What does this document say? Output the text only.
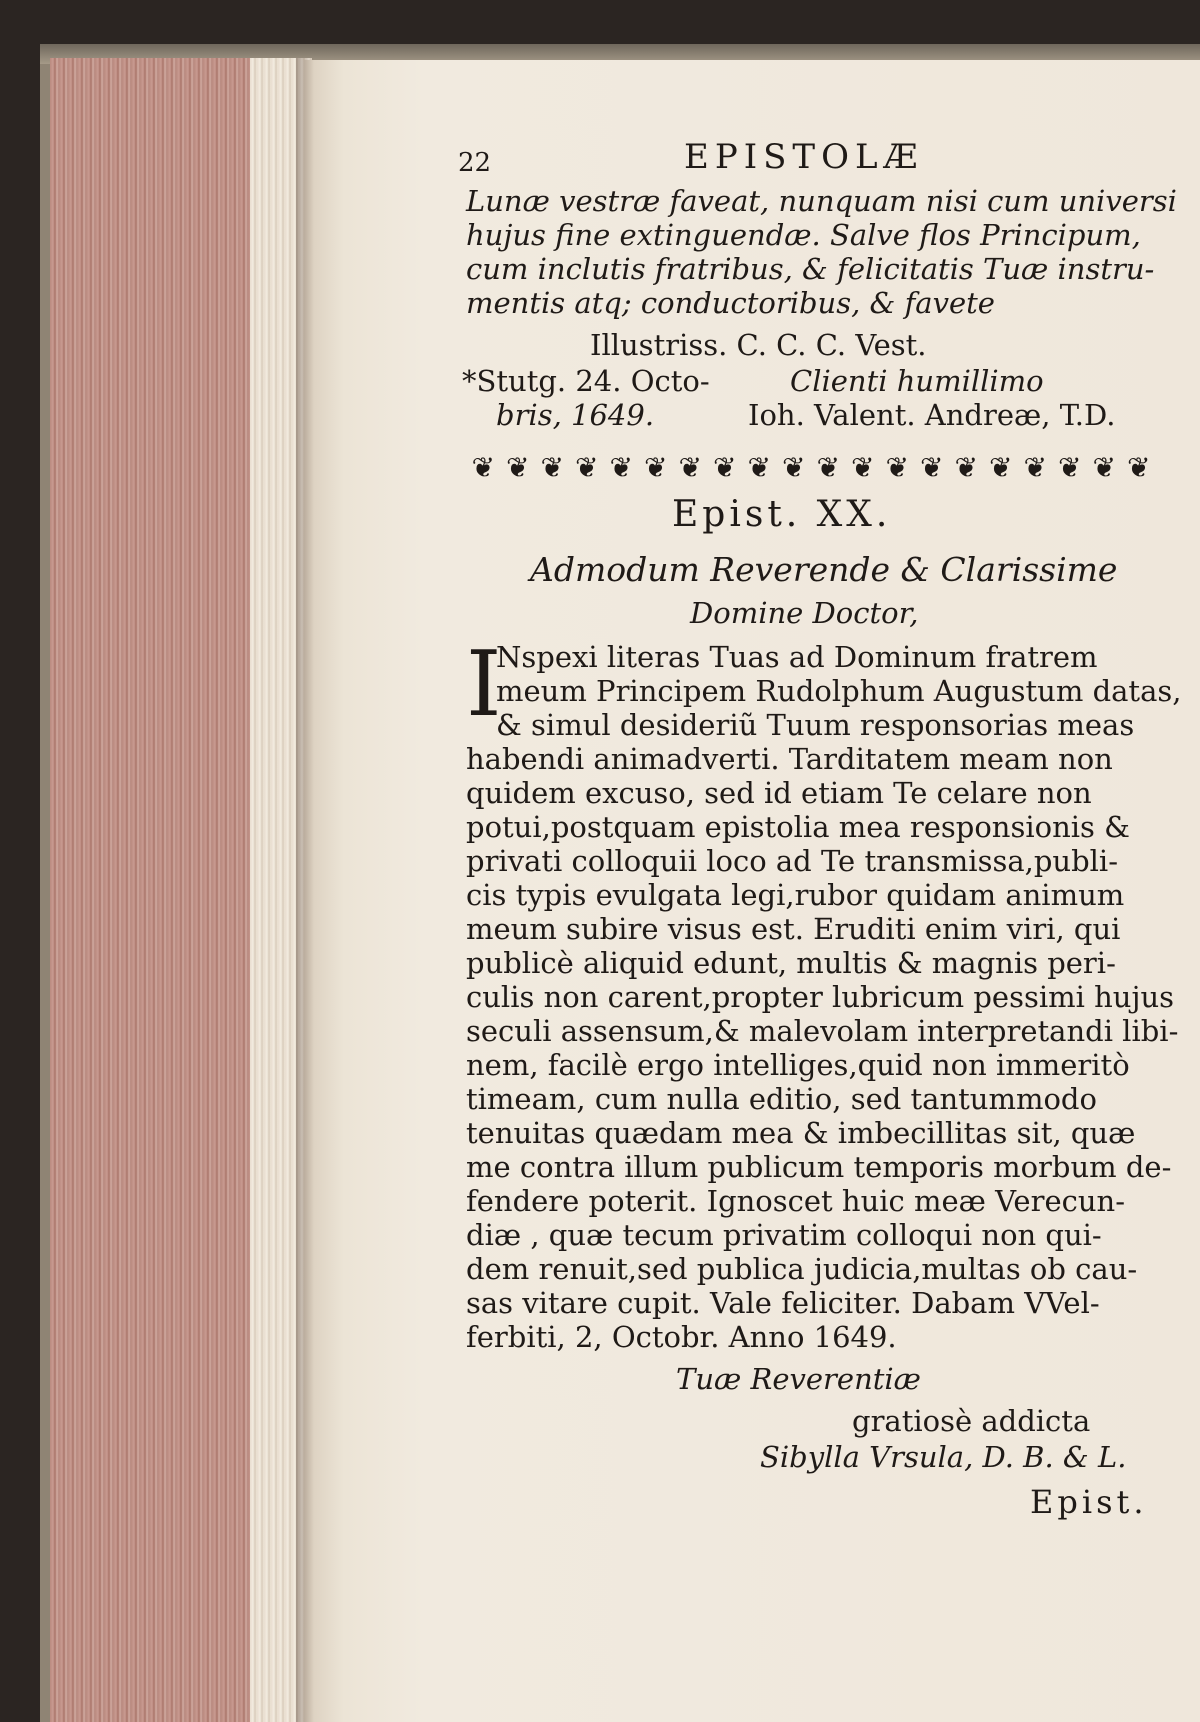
22	EPISTOLÆ
Lunæ vestræ faveat, nunquam nisi cum universi
hujus fine extinguendæ. Salve flos Principum,
cum inclutis fratribus, & felicitatis Tuæ instru-
mentis atq; conductoribus, & favete
Illustriss. C. C. C. Vest.
*Stutg. 24. Octo-	Clienti humillimo
bris, 1649.	Ioh. Valent. Andreæ, T.D.
❦ ❦ ❦ ❦ ❦ ❦ ❦ ❦ ❦ ❦ ❦ ❦ ❦ ❦ ❦ ❦ ❦ ❦ ❦ ❦
Epist. XX.
Admodum Reverende & Clarissime
Domine Doctor,
I
Nspexi literas Tuas ad Dominum fratrem
meum Principem Rudolphum Augustum datas,
& simul desideriũ Tuum responsorias meas
habendi animadverti. Tarditatem meam non
quidem excuso, sed id etiam Te celare non
potui,postquam epistolia mea responsionis &
privati colloquii loco ad Te transmissa,publi-
cis typis evulgata legi,rubor quidam animum
meum subire visus est. Eruditi enim viri, qui
publicè aliquid edunt, multis & magnis peri-
culis non carent,propter lubricum pessimi hujus
seculi assensum,& malevolam interpretandi libi-
nem, facilè ergo intelliges,quid non immeritò
timeam, cum nulla editio, sed tantummodo
tenuitas quædam mea & imbecillitas sit, quæ
me contra illum publicum temporis morbum de-
fendere poterit. Ignoscet huic meæ Verecun-
diæ , quæ tecum privatim colloqui non qui-
dem renuit,sed publica judicia,multas ob cau-
sas vitare cupit. Vale feliciter. Dabam VVel-
ferbiti, 2, Octobr. Anno 1649.
Tuæ Reverentiæ
gratiosè addicta
Sibylla Vrsula, D. B. & L.
Epist.
